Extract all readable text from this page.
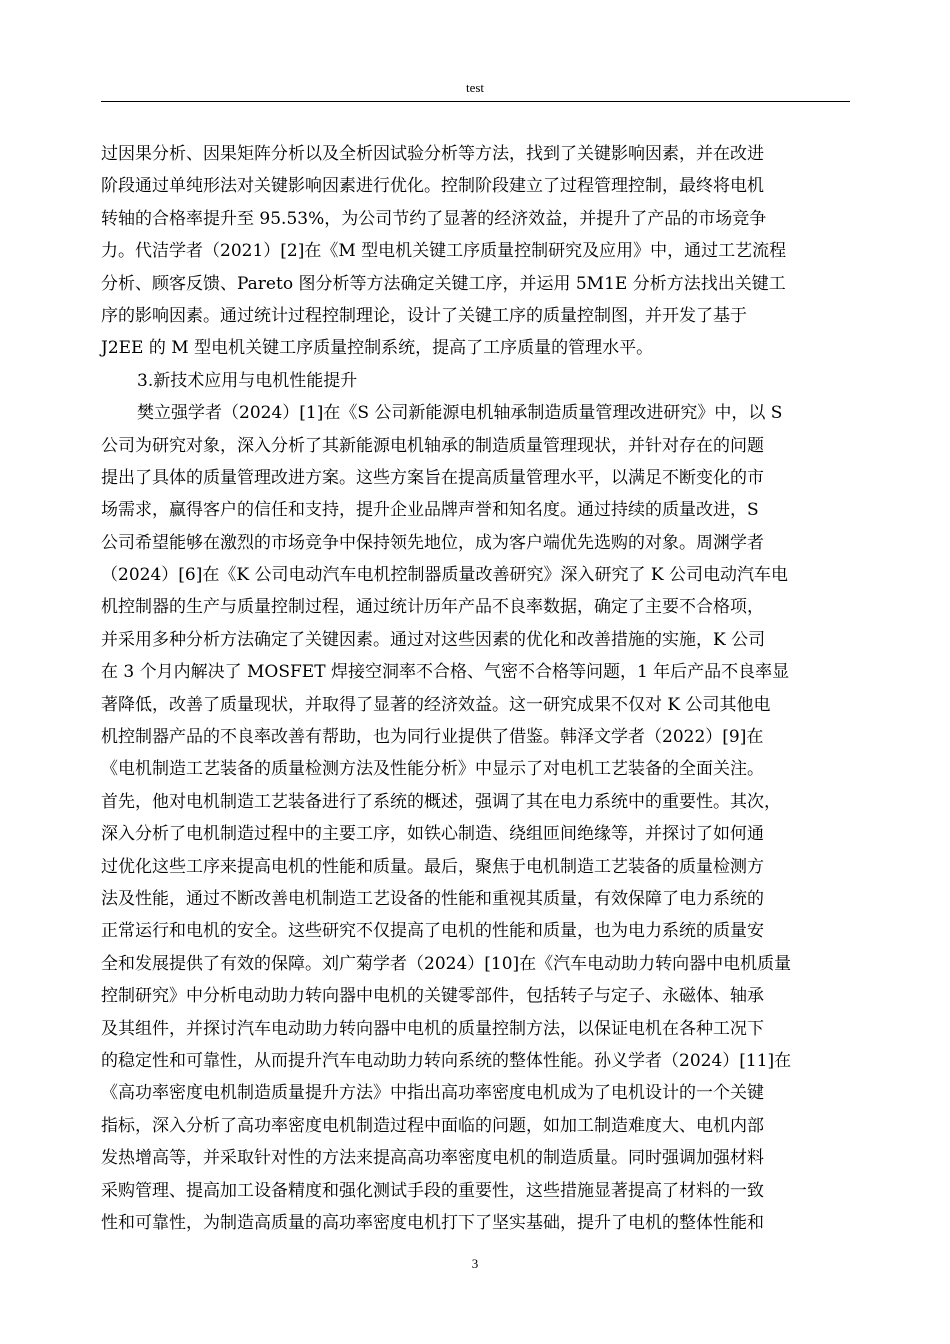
test
过因果分析、因果矩阵分析以及全析因试验分析等方法，找到了关键影响因素，并在改进
阶段通过单纯形法对关键影响因素进行优化。控制阶段建立了过程管理控制，最终将电机
转轴的合格率提升至 95.53%，为公司节约了显著的经济效益，并提升了产品的市场竞争
力。代洁学者（2021）[2]在《M 型电机关键工序质量控制研究及应用》中，通过工艺流程
分析、顾客反馈、Pareto 图分析等方法确定关键工序，并运用 5M1E 分析方法找出关键工
序的影响因素。通过统计过程控制理论，设计了关键工序的质量控制图，并开发了基于
J2EE 的 M 型电机关键工序质量控制系统，提高了工序质量的管理水平。
3.新技术应用与电机性能提升
樊立强学者（2024）[1]在《S 公司新能源电机轴承制造质量管理改进研究》中，以 S
公司为研究对象，深入分析了其新能源电机轴承的制造质量管理现状，并针对存在的问题
提出了具体的质量管理改进方案。这些方案旨在提高质量管理水平，以满足不断变化的市
场需求，赢得客户的信任和支持，提升企业品牌声誉和知名度。通过持续的质量改进，S
公司希望能够在激烈的市场竞争中保持领先地位，成为客户端优先选购的对象。周渊学者
（2024）[6]在《K 公司电动汽车电机控制器质量改善研究》深入研究了 K 公司电动汽车电
机控制器的生产与质量控制过程，通过统计历年产品不良率数据，确定了主要不合格项，
并采用多种分析方法确定了关键因素。通过对这些因素的优化和改善措施的实施，K 公司
在 3 个月内解决了 MOSFET 焊接空洞率不合格、气密不合格等问题，1 年后产品不良率显
著降低，改善了质量现状，并取得了显著的经济效益。这一研究成果不仅对 K 公司其他电
机控制器产品的不良率改善有帮助，也为同行业提供了借鉴。韩泽文学者（2022）[9]在
《电机制造工艺装备的质量检测方法及性能分析》中显示了对电机工艺装备的全面关注。
首先，他对电机制造工艺装备进行了系统的概述，强调了其在电力系统中的重要性。其次，
深入分析了电机制造过程中的主要工序，如铁心制造、绕组匝间绝缘等，并探讨了如何通
过优化这些工序来提高电机的性能和质量。最后，聚焦于电机制造工艺装备的质量检测方
法及性能，通过不断改善电机制造工艺设备的性能和重视其质量，有效保障了电力系统的
正常运行和电机的安全。这些研究不仅提高了电机的性能和质量，也为电力系统的质量安
全和发展提供了有效的保障。刘广菊学者（2024）[10]在《汽车电动助力转向器中电机质量
控制研究》中分析电动助力转向器中电机的关键零部件，包括转子与定子、永磁体、轴承
及其组件，并探讨汽车电动助力转向器中电机的质量控制方法，以保证电机在各种工况下
的稳定性和可靠性，从而提升汽车电动助力转向系统的整体性能。孙义学者（2024）[11]在
《高功率密度电机制造质量提升方法》中指出高功率密度电机成为了电机设计的一个关键
指标，深入分析了高功率密度电机制造过程中面临的问题，如加工制造难度大、电机内部
发热增高等，并采取针对性的方法来提高高功率密度电机的制造质量。同时强调加强材料
采购管理、提高加工设备精度和强化测试手段的重要性，这些措施显著提高了材料的一致
性和可靠性，为制造高质量的高功率密度电机打下了坚实基础，提升了电机的整体性能和
3
